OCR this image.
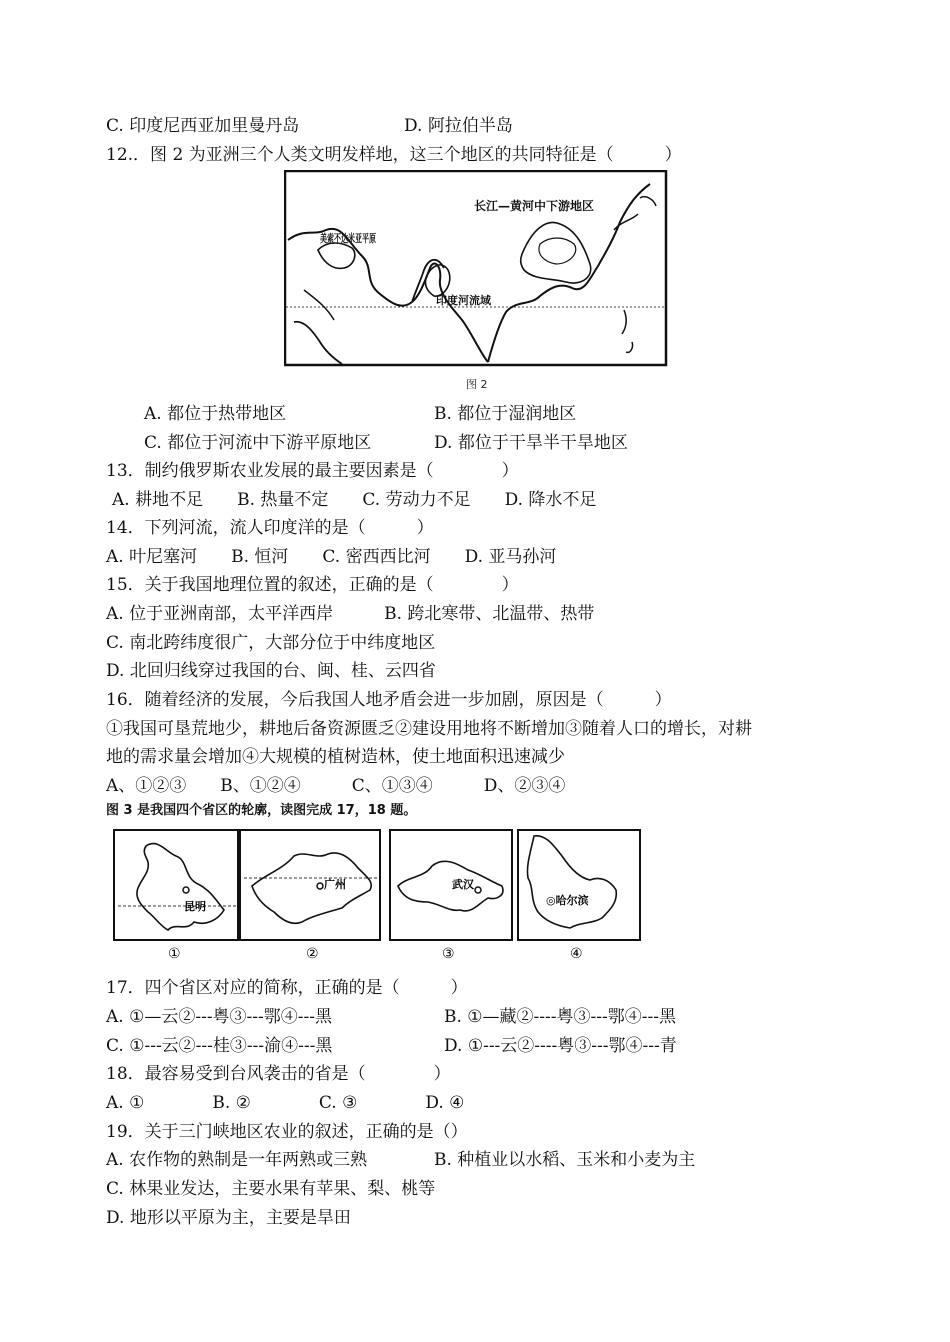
C. 印度尼西亚加里曼丹岛	D. 阿拉伯半岛
12.．图 2 为亚洲三个人类文明发样地，这三个地区的共同特征是（　　　）
长江—黄河中下游地区
美索不达米亚平原
印度河流域
图 2
A. 都位于热带地区	B. 都位于湿润地区
C. 都位于河流中下游平原地区	D. 都位于干旱半干旱地区
13．制约俄罗斯农业发展的最主要因素是（　　　　）
A. 耕地不足　　B. 热量不定　　C. 劳动力不足　　D. 降水不足
14．下列河流，流人印度洋的是（　　　）
A. 叶尼塞河　　B. 恒河　　C. 密西西比河　　D. 亚马孙河
15．关于我国地理位置的叙述，正确的是（　　　　）
A. 位于亚洲南部，太平洋西岸　　　B. 跨北寒带、北温带、热带
C. 南北跨纬度很广，大部分位于中纬度地区
D. 北回归线穿过我国的台、闽、桂、云四省
16．随着经济的发展，今后我国人地矛盾会进一步加剧，原因是（　　　）
①我国可垦荒地少，耕地后备资源匮乏②建设用地将不断增加③随着人口的增长，对耕
地的需求量会增加④大规模的植树造林，使土地面积迅速减少
A、①②③　　B、①②④　　　C、①③④　　　D、②③④
图 3 是我国四个省区的轮廓，读图完成 17，18 题。
昆明
①
广州
②
武汉
③
◎哈尔滨
④
17．四个省区对应的简称，正确的是（　　　）
A. ①—云②---粤③---鄂④---黑	B. ①—藏②----粤③---鄂④---黑
C. ①---云②---桂③---渝④---黑	D. ①---云②----粤③---鄂④---青
18．最容易受到台风袭击的省是（　　　　）
A. ①　　　　B. ②　　　　C. ③　　　　D. ④
19．关于三门峡地区农业的叙述，正确的是（）
A. 农作物的熟制是一年两熟或三熟	B. 种植业以水稻、玉米和小麦为主
C. 林果业发达，主要水果有苹果、梨、桃等
D. 地形以平原为主，主要是旱田
